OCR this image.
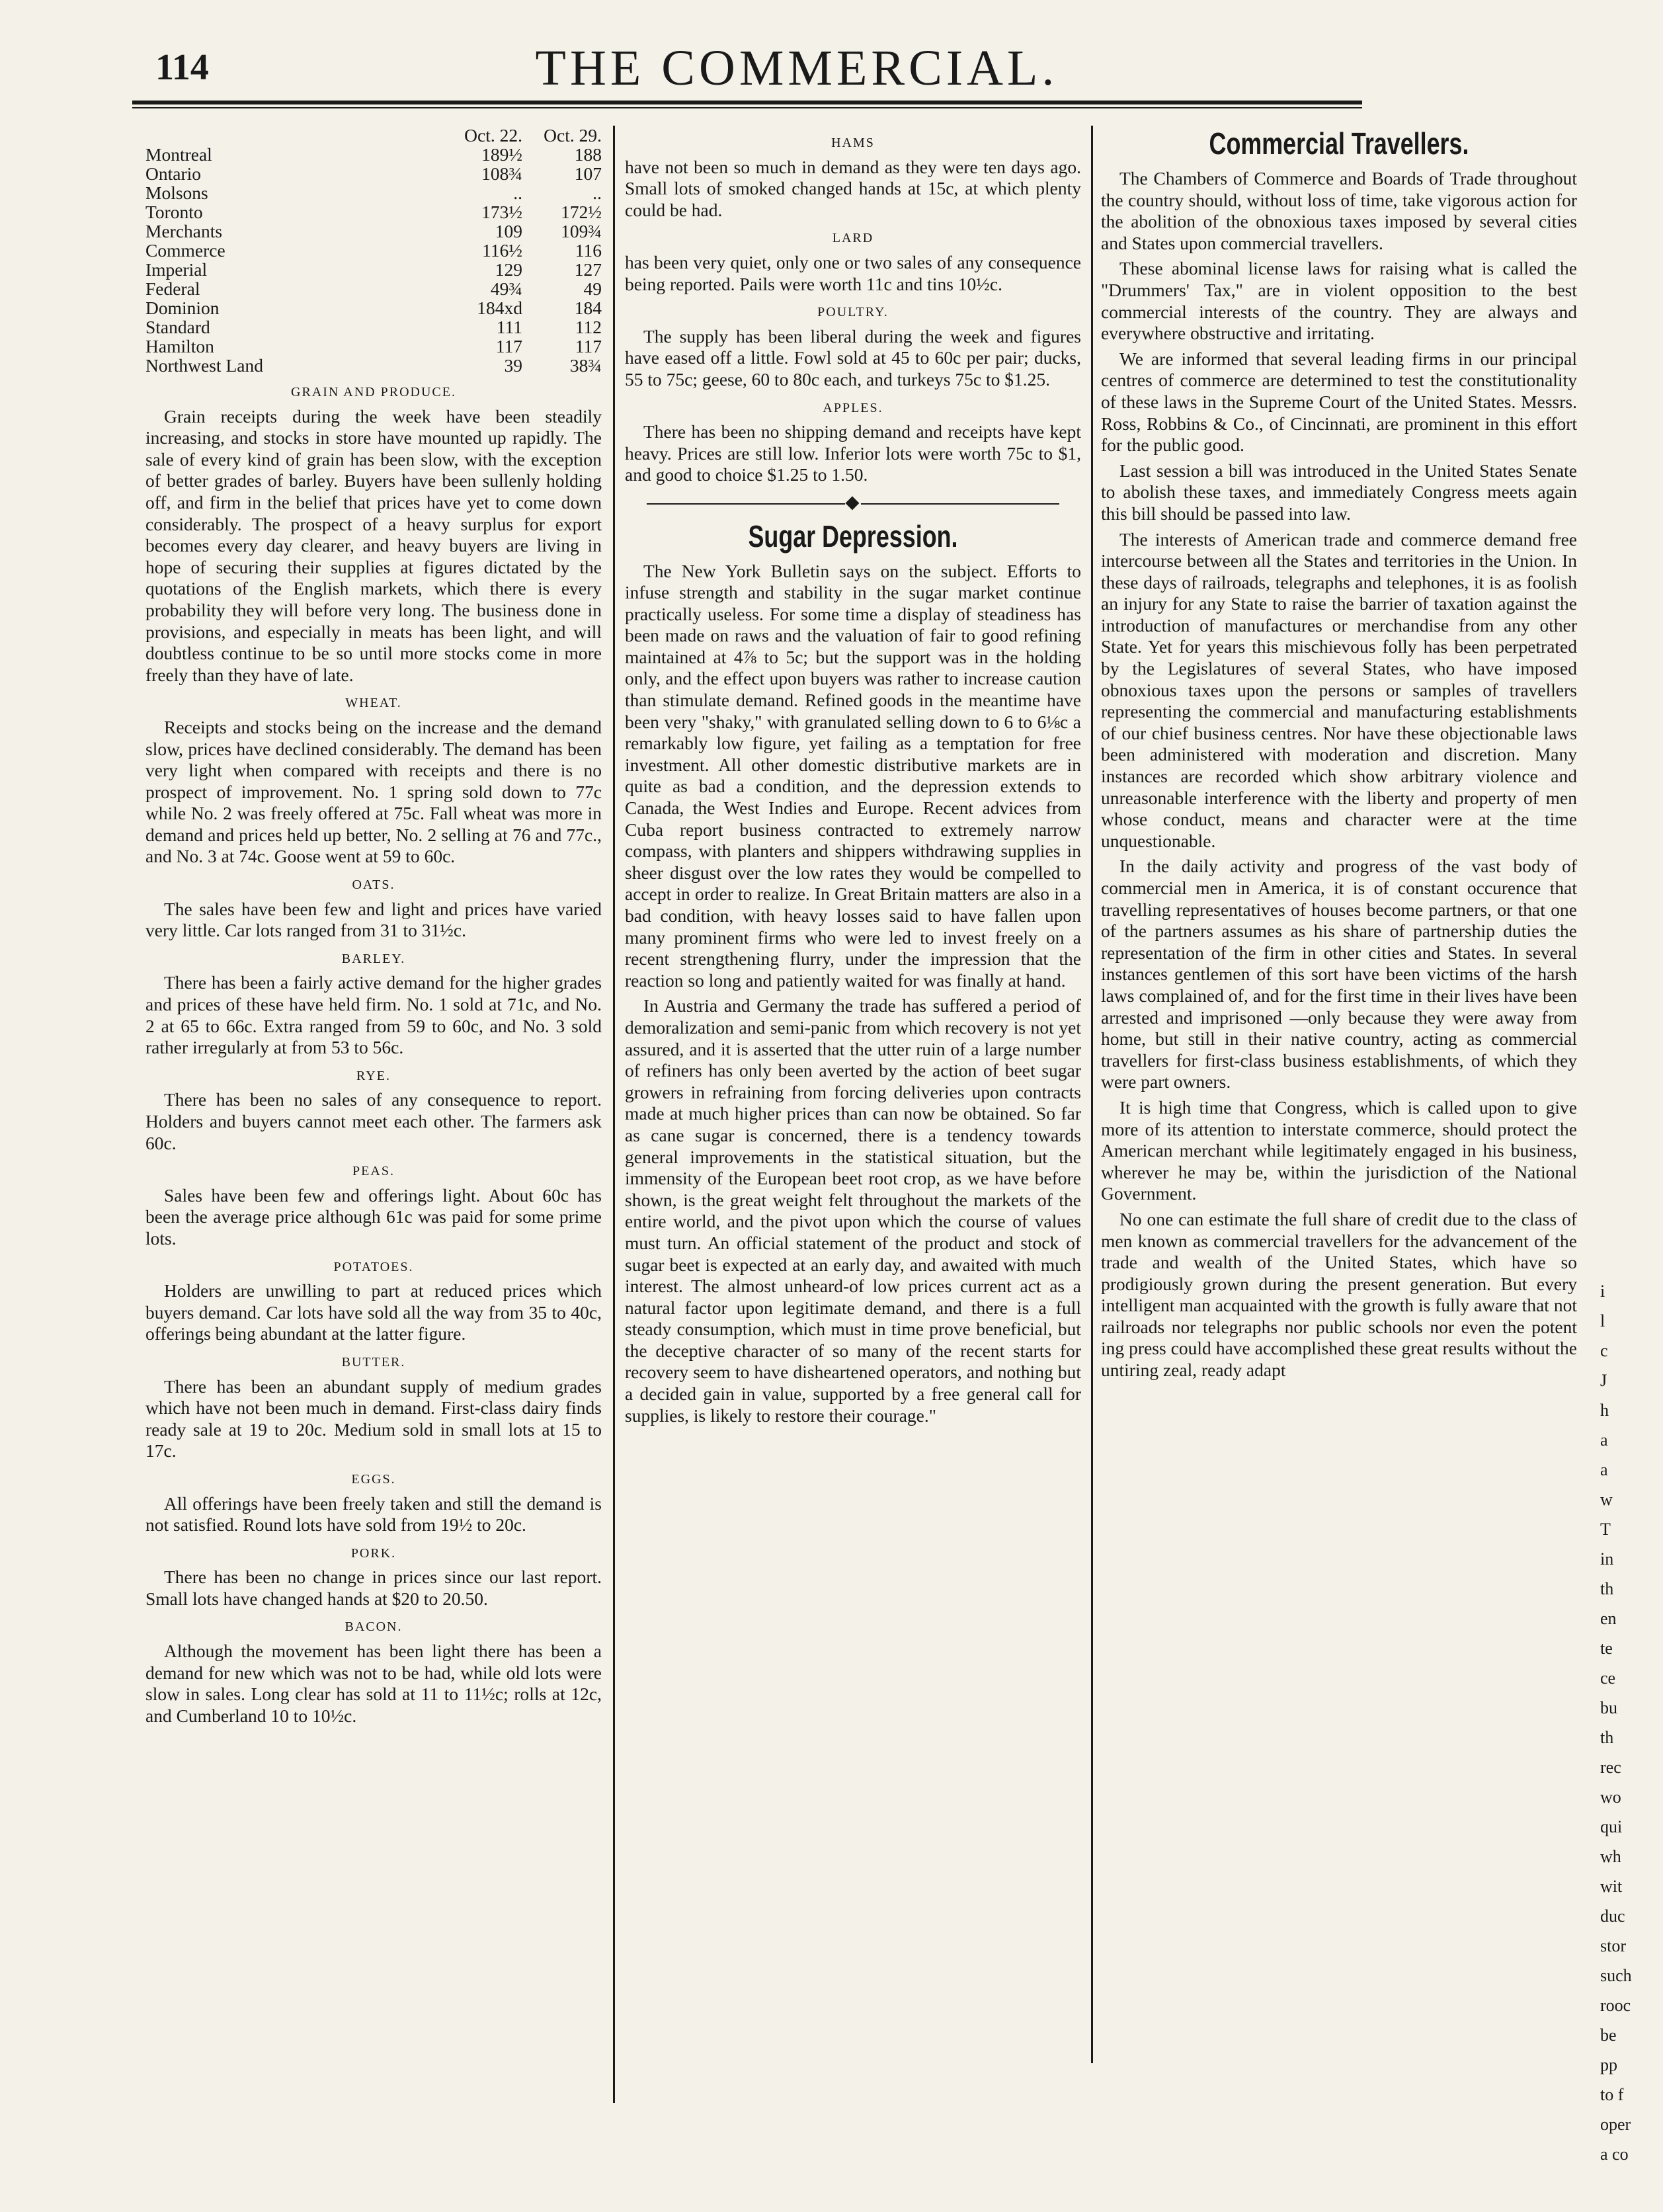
114	THE COMMERCIAL.
	Oct. 22.	Oct. 29.
Montreal	189½	188
Ontario	108¾	107
Molsons	..	..
Toronto	173½	172½
Merchants	109	109¾
Commerce	116½	116
Imperial	129	127
Federal	49¾	49
Dominion	184xd	184
Standard	111	112
Hamilton	117	117
Northwest Land	39	38¾
GRAIN AND PRODUCE.

Grain receipts during the week have been steadily increasing, and stocks in store have mounted up rapidly. The sale of every kind of grain has been slow, with the exception of better grades of barley. Buyers have been sullenly holding off, and firm in the belief that prices have yet to come down considerably. The prospect of a heavy surplus for export becomes every day clearer, and heavy buyers are living in hope of securing their supplies at figures dictated by the quotations of the English markets, which there is every probability they will before very long. The business done in provisions, and especially in meats has been light, and will doubtless continue to be so until more stocks come in more freely than they have of late.

WHEAT.

Receipts and stocks being on the increase and the demand slow, prices have declined considerably. The demand has been very light when compared with receipts and there is no prospect of improvement. No. 1 spring sold down to 77c while No. 2 was freely offered at 75c. Fall wheat was more in demand and prices held up better, No. 2 selling at 76 and 77c., and No. 3 at 74c. Goose went at 59 to 60c.

OATS.

The sales have been few and light and prices have varied very little. Car lots ranged from 31 to 31½c.

BARLEY.

There has been a fairly active demand for the higher grades and prices of these have held firm. No. 1 sold at 71c, and No. 2 at 65 to 66c. Extra ranged from 59 to 60c, and No. 3 sold rather irregularly at from 53 to 56c.

RYE.

There has been no sales of any consequence to report. Holders and buyers cannot meet each other. The farmers ask 60c.

PEAS.

Sales have been few and offerings light. About 60c has been the average price although 61c was paid for some prime lots.

POTATOES.

Holders are unwilling to part at reduced prices which buyers demand. Car lots have sold all the way from 35 to 40c, offerings being abundant at the latter figure.

BUTTER.

There has been an abundant supply of medium grades which have not been much in demand. First-class dairy finds ready sale at 19 to 20c. Medium sold in small lots at 15 to 17c.

EGGS.

All offerings have been freely taken and still the demand is not satisfied. Round lots have sold from 19½ to 20c.

PORK.

There has been no change in prices since our last report. Small lots have changed hands at $20 to 20.50.

BACON.

Although the movement has been light there has been a demand for new which was not to be had, while old lots were slow in sales. Long clear has sold at 11 to 11½c; rolls at 12c, and Cumberland 10 to 10½c.

HAMS

have not been so much in demand as they were ten days ago. Small lots of smoked changed hands at 15c, at which plenty could be had.

LARD

has been very quiet, only one or two sales of any consequence being reported. Pails were worth 11c and tins 10½c.

POULTRY.

The supply has been liberal during the week and figures have eased off a little. Fowl sold at 45 to 60c per pair; ducks, 55 to 75c; geese, 60 to 80c each, and turkeys 75c to $1.25.

APPLES.

There has been no shipping demand and receipts have kept heavy. Prices are still low. Inferior lots were worth 75c to $1, and good to choice $1.25 to 1.50.

◆
Sugar Depression.

The New York Bulletin says on the subject. Efforts to infuse strength and stability in the sugar market continue practically useless. For some time a display of steadiness has been made on raws and the valuation of fair to good refining maintained at 4⅞ to 5c; but the support was in the holding only, and the effect upon buyers was rather to increase caution than stimulate demand. Refined goods in the meantime have been very "shaky," with granulated selling down to 6 to 6⅛c a remarkably low figure, yet failing as a temptation for free investment. All other domestic distributive markets are in quite as bad a condition, and the depression extends to Canada, the West Indies and Europe. Recent advices from Cuba report business contracted to extremely narrow compass, with planters and shippers withdrawing supplies in sheer disgust over the low rates they would be compelled to accept in order to realize. In Great Britain matters are also in a bad condition, with heavy losses said to have fallen upon many prominent firms who were led to invest freely on a recent strengthening flurry, under the impression that the reaction so long and patiently waited for was finally at hand.

In Austria and Germany the trade has suffered a period of demoralization and semi-panic from which recovery is not yet assured, and it is asserted that the utter ruin of a large number of refiners has only been averted by the action of beet sugar growers in refraining from forcing deliveries upon contracts made at much higher prices than can now be obtained. So far as cane sugar is concerned, there is a tendency towards general improvements in the statistical situation, but the immensity of the European beet root crop, as we have before shown, is the great weight felt throughout the markets of the entire world, and the pivot upon which the course of values must turn. An official statement of the product and stock of sugar beet is expected at an early day, and awaited with much interest. The almost unheard-of low prices current act as a natural factor upon legitimate demand, and there is a full steady consumption, which must in time prove beneficial, but the deceptive character of so many of the recent starts for recovery seem to have disheartened operators, and nothing but a decided gain in value, supported by a free general call for supplies, is likely to restore their courage."

Commercial Travellers.

The Chambers of Commerce and Boards of Trade throughout the country should, without loss of time, take vigorous action for the abolition of the obnoxious taxes imposed by several cities and States upon commercial travellers.

These abominal license laws for raising what is called the "Drummers' Tax," are in violent opposition to the best commercial interests of the country. They are always and everywhere obstructive and irritating.

We are informed that several leading firms in our principal centres of commerce are determined to test the constitutionality of these laws in the Supreme Court of the United States. Messrs. Ross, Robbins & Co., of Cincinnati, are prominent in this effort for the public good.

Last session a bill was introduced in the United States Senate to abolish these taxes, and immediately Congress meets again this bill should be passed into law.

The interests of American trade and commerce demand free intercourse between all the States and territories in the Union. In these days of railroads, telegraphs and telephones, it is as foolish an injury for any State to raise the barrier of taxation against the introduction of manufactures or merchandise from any other State. Yet for years this mischievous folly has been perpetrated by the Legislatures of several States, who have imposed obnoxious taxes upon the persons or samples of travellers representing the commercial and manufacturing establishments of our chief business centres. Nor have these objectionable laws been administered with moderation and discretion. Many instances are recorded which show arbitrary violence and unreasonable interference with the liberty and property of men whose conduct, means and character were at the time unquestionable.

In the daily activity and progress of the vast body of commercial men in America, it is of constant occurence that travelling representatives of houses become partners, or that one of the partners assumes as his share of partnership duties the representation of the firm in other cities and States. In several instances gentlemen of this sort have been victims of the harsh laws complained of, and for the first time in their lives have been arrested and imprisoned —only because they were away from home, but still in their native country, acting as commercial travellers for first-class business establishments, of which they were part owners.

It is high time that Congress, which is called upon to give more of its attention to interstate commerce, should protect the American merchant while legitimately engaged in his business, wherever he may be, within the jurisdiction of the National Government.

No one can estimate the full share of credit due to the class of men known as commercial travellers for the advancement of the trade and wealth of the United States, which have so prodigiously grown during the present generation. But every intelligent man acquainted with the growth is fully aware that not railroads nor telegraphs nor public schools nor even the potent ing press could have accomplished these great results without the untiring zeal, ready adapt

i
l
c
J
h
a
a
w
T
in
th
en
te
ce
bu
th
rec
wo
qui
wh
wit
duc
stor
such
rooc
be
pp
to f
oper
a co
